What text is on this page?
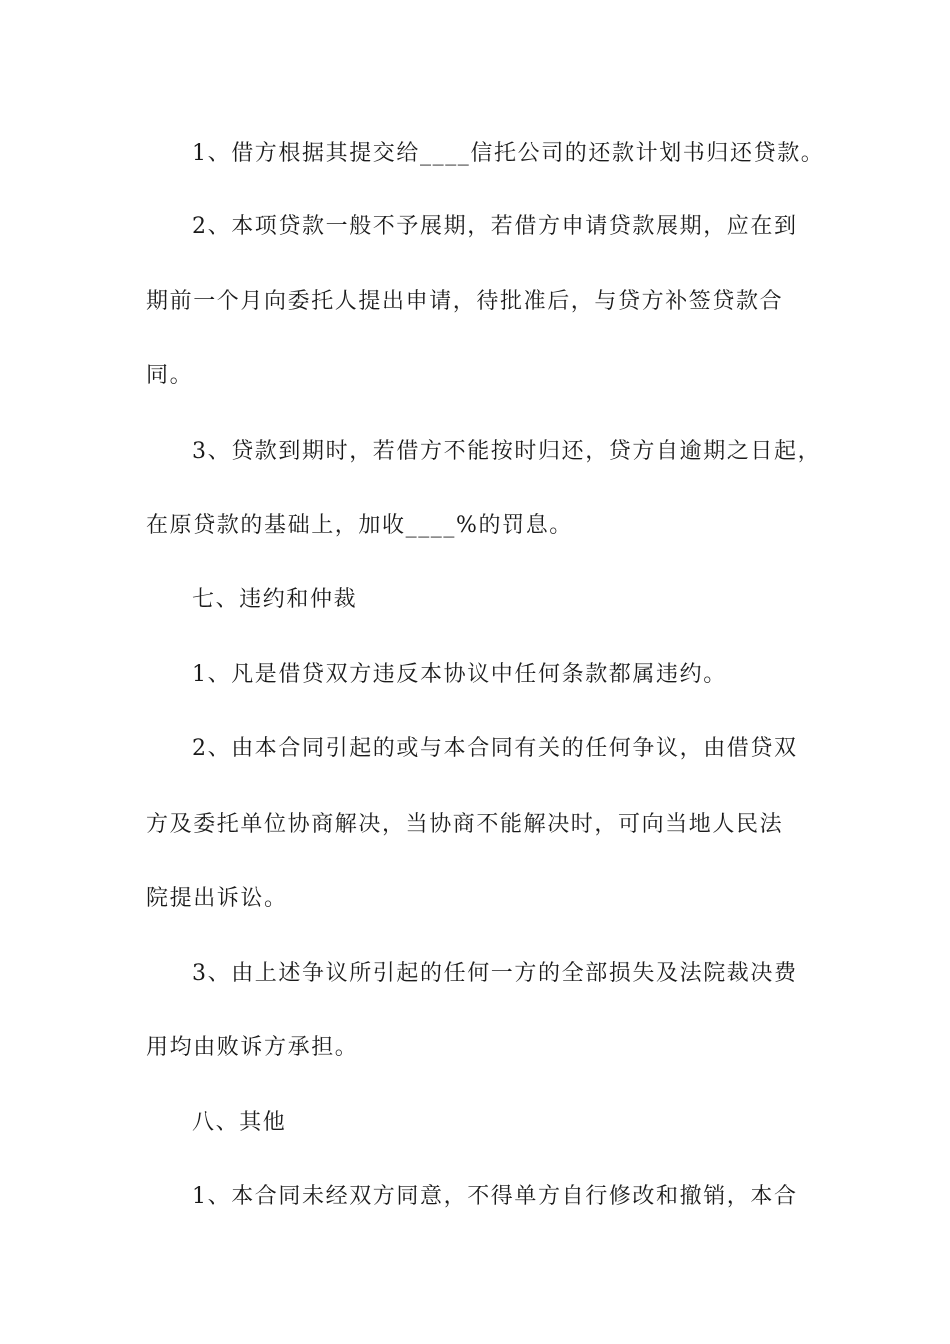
1、借方根据其提交给____信托公司的还款计划书归还贷款。
2、本项贷款一般不予展期，若借方申请贷款展期，应在到
期前一个月向委托人提出申请，待批准后，与贷方补签贷款合
同。
3、贷款到期时，若借方不能按时归还，贷方自逾期之日起，
在原贷款的基础上，加收____%的罚息。
七、违约和仲裁
1、凡是借贷双方违反本协议中任何条款都属违约。
2、由本合同引起的或与本合同有关的任何争议，由借贷双
方及委托单位协商解决，当协商不能解决时，可向当地人民法
院提出诉讼。
3、由上述争议所引起的任何一方的全部损失及法院裁决费
用均由败诉方承担。
八、其他
1、本合同未经双方同意，不得单方自行修改和撤销，本合
